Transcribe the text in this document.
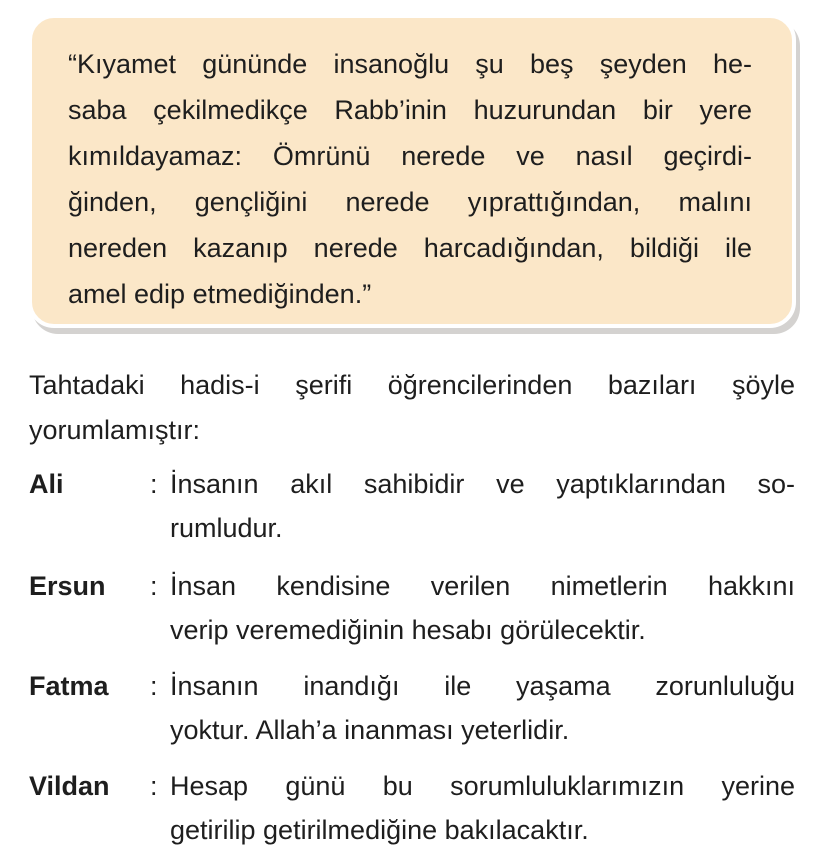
“Kıyamet gününde insanoğlu şu beş şeyden he-
saba çekilmedikçe Rabb’inin huzurundan bir yere
kımıldayamaz: Ömrünü nerede ve nasıl geçirdi-
ğinden, gençliğini nerede yıprattığından, malını
nereden kazanıp nerede harcadığından, bildiği ile
amel edip etmediğinden.”
Tahtadaki hadis-i şerifi öğrencilerinden bazıları şöyle
yorumlamıştır:
Ali	: İnsanın akıl sahibidir ve yaptıklarından so-
rumludur.
Ersun : İnsan kendisine verilen nimetlerin hakkını
verip veremediğinin hesabı görülecektir.
Fatma : İnsanın inandığı ile yaşama zorunluluğu
yoktur. Allah’a inanması yeterlidir.
Vildan : Hesap günü bu sorumluluklarımızın yerine
getirilip getirilmediğine bakılacaktır.
